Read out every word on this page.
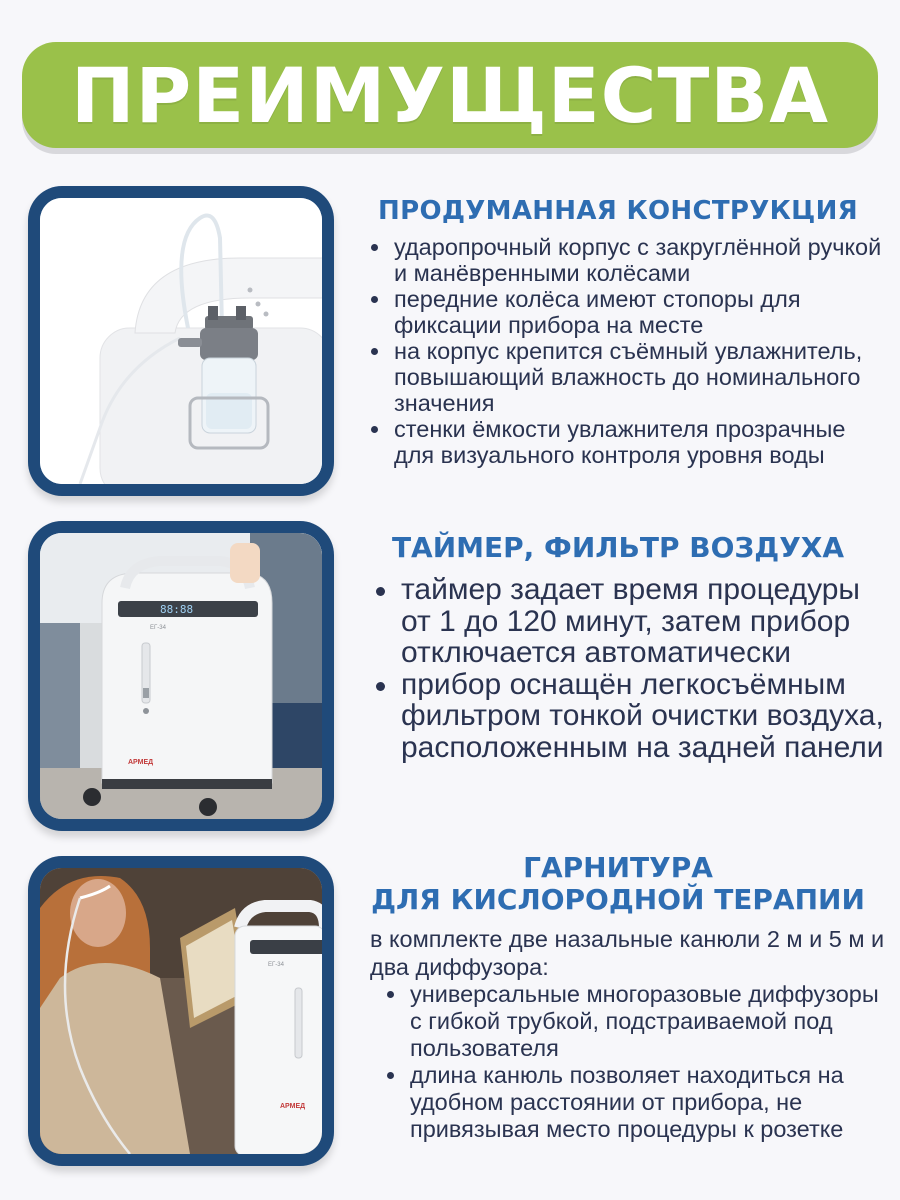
ПРЕИМУЩЕСТВА
88:88
ЕГ-34
АРМЕД
ЕГ-34
АРМЕД
ПРОДУМАННАЯ КОНСТРУКЦИЯ
ударопрочный корпус с закруглённой ручкой и манёвренными колёсами
передние колёса имеют стопоры для фиксации прибора на месте
на корпус крепится съёмный увлажнитель, повышающий влажность до номинального значения
стенки ёмкости увлажнителя прозрачные для визуального контроля уровня воды
ТАЙМЕР, ФИЛЬТР ВОЗДУХА
таймер задает время процедуры от 1 до 120 минут, затем прибор отключается автоматически
прибор оснащён легкосъёмным фильтром тонкой очистки воздуха, расположенным на задней панели
ГАРНИТУРА
ДЛЯ КИСЛОРОДНОЙ ТЕРАПИИ
в комплекте две назальные канюли 2 м и 5 м и два диффузора:
универсальные многоразовые диффузоры с гибкой трубкой, подстраиваемой под пользователя
длина канюль позволяет находиться на удобном расстоянии от прибора, не привязывая место процедуры к розетке
